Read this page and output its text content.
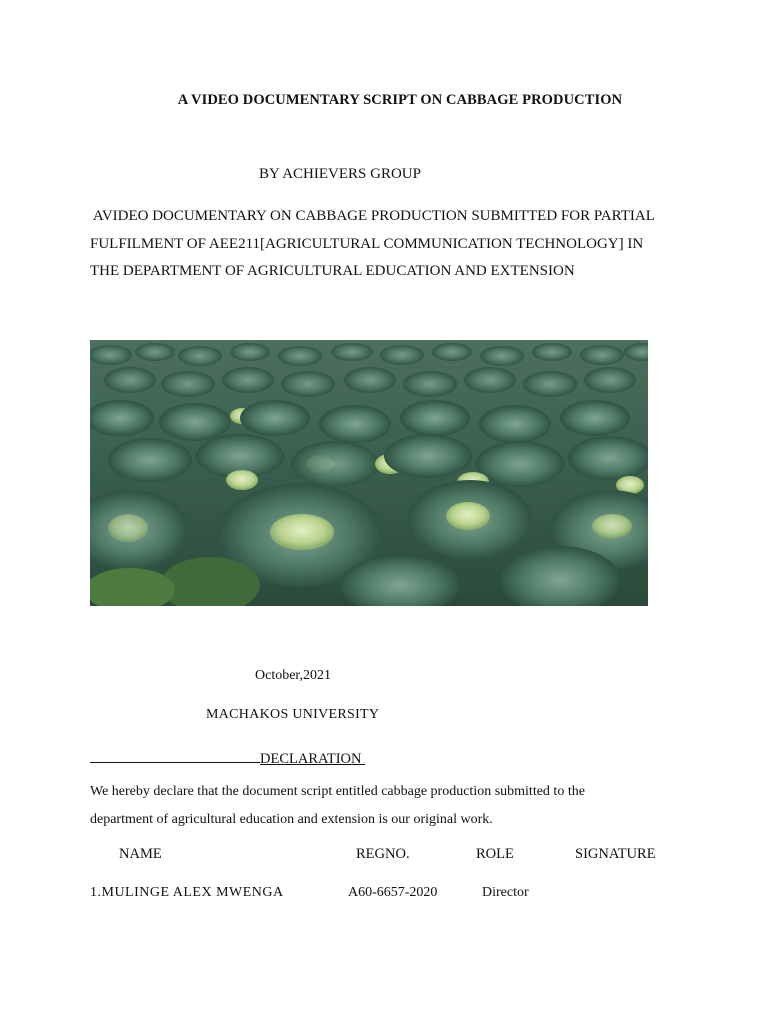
A VIDEO DOCUMENTARY SCRIPT ON CABBAGE PRODUCTION
BY ACHIEVERS GROUP
AVIDEO DOCUMENTARY ON CABBAGE PRODUCTION SUBMITTED FOR PARTIAL
FULFILMENT OF AEE211[AGRICULTURAL COMMUNICATION TECHNOLOGY] IN
THE DEPARTMENT OF AGRICULTURAL EDUCATION AND EXTENSION
October,2021
MACHAKOS UNIVERSITY
DECLARATION
We hereby declare that the document script entitled cabbage production submitted to the
department of agricultural education and extension is our original work.
NAME	REGNO.	ROLE	SIGNATURE
1.MULINGE ALEX MWENGA	A60-6657-2020	Director
